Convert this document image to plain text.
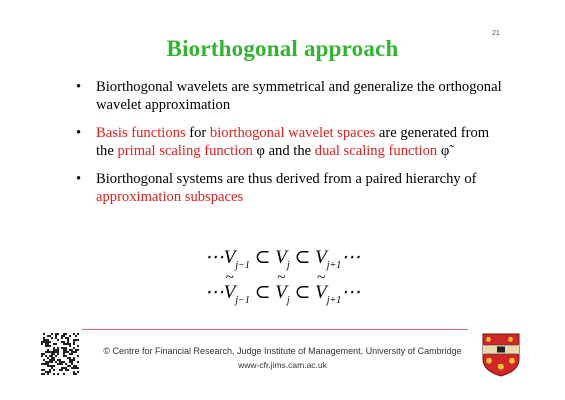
21
Biorthogonal approach
• Biorthogonal wavelets are symmetrical and generalize the orthogonal wavelet approximation
• Basis functions for biorthogonal wavelet spaces are generated from the primal scaling function φ and the dual scaling function φ̃
• Biorthogonal systems are thus derived from a paired hierarchy of approximation subspaces
$\cdots V_{j-1}$ ⊂ $V_j$ ⊂ $V_{j+1}\cdots$
⋯~ $V_{j-1}$ ⊂ ~ $V_j$ ⊂ ~ $V_{j+1}\cdots$
© Centre for Financial Research, Judge Institute of Management, University of Cambridge
www-cfr.jims.cam.ac.uk
